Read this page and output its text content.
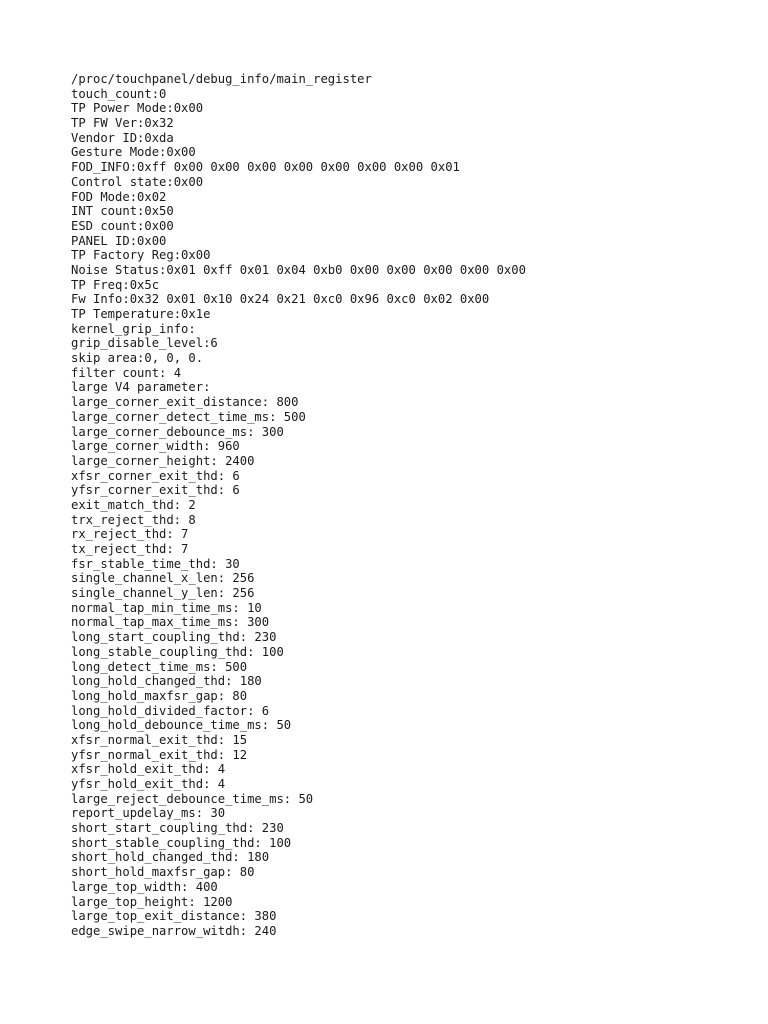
/proc/touchpanel/debug_info/main_register
touch_count:0
TP Power Mode:0x00
TP FW Ver:0x32
Vendor ID:0xda
Gesture Mode:0x00
FOD_INFO:0xff 0x00 0x00 0x00 0x00 0x00 0x00 0x00 0x01
Control state:0x00
FOD Mode:0x02
INT count:0x50
ESD count:0x00
PANEL ID:0x00
TP Factory Reg:0x00
Noise Status:0x01 0xff 0x01 0x04 0xb0 0x00 0x00 0x00 0x00 0x00
TP Freq:0x5c
Fw Info:0x32 0x01 0x10 0x24 0x21 0xc0 0x96 0xc0 0x02 0x00
TP Temperature:0x1e
kernel_grip_info:
grip_disable_level:6
skip area:0, 0, 0.
filter count: 4
large V4 parameter:
large_corner_exit_distance: 800
large_corner_detect_time_ms: 500
large_corner_debounce_ms: 300
large_corner_width: 960
large_corner_height: 2400
xfsr_corner_exit_thd: 6
yfsr_corner_exit_thd: 6
exit_match_thd: 2
trx_reject_thd: 8
rx_reject_thd: 7
tx_reject_thd: 7
fsr_stable_time_thd: 30
single_channel_x_len: 256
single_channel_y_len: 256
normal_tap_min_time_ms: 10
normal_tap_max_time_ms: 300
long_start_coupling_thd: 230
long_stable_coupling_thd: 100
long_detect_time_ms: 500
long_hold_changed_thd: 180
long_hold_maxfsr_gap: 80
long_hold_divided_factor: 6
long_hold_debounce_time_ms: 50
xfsr_normal_exit_thd: 15
yfsr_normal_exit_thd: 12
xfsr_hold_exit_thd: 4
yfsr_hold_exit_thd: 4
large_reject_debounce_time_ms: 50
report_updelay_ms: 30
short_start_coupling_thd: 230
short_stable_coupling_thd: 100
short_hold_changed_thd: 180
short_hold_maxfsr_gap: 80
large_top_width: 400
large_top_height: 1200
large_top_exit_distance: 380
edge_swipe_narrow_witdh: 240
